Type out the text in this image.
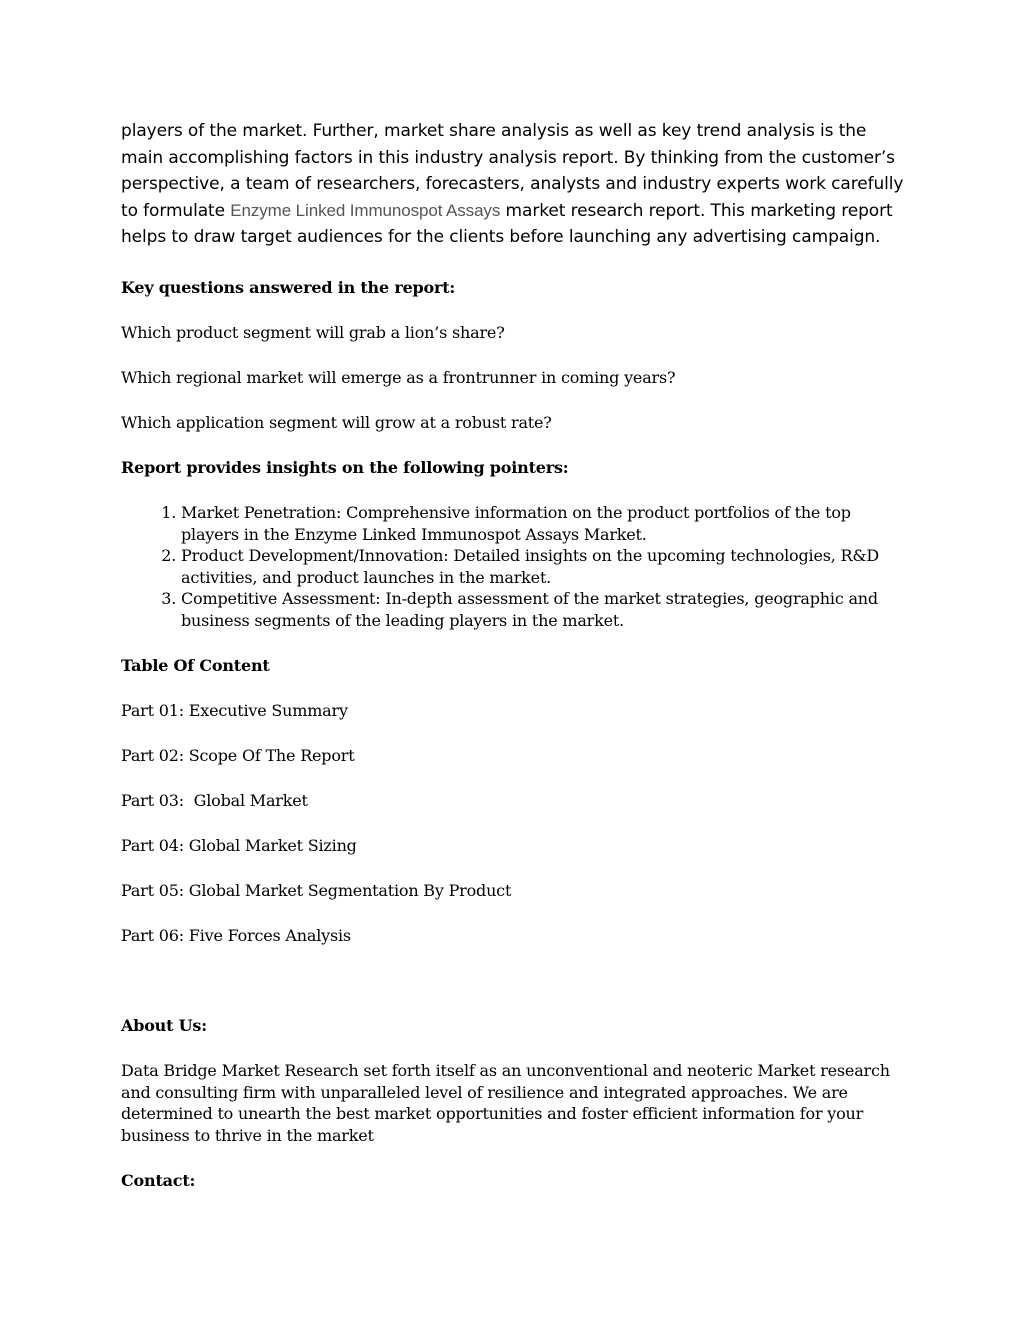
players of the market. Further, market share analysis as well as key trend analysis is the main accomplishing factors in this industry analysis report. By thinking from the customer’s perspective, a team of researchers, forecasters, analysts and industry experts work carefully to formulate Enzyme Linked Immunospot Assays market research report. This marketing report helps to draw target audiences for the clients before launching any advertising campaign.

Key questions answered in the report:

Which product segment will grab a lion’s share?

Which regional market will emerge as a frontrunner in coming years?

Which application segment will grow at a robust rate?

Report provides insights on the following pointers:

1. Market Penetration: Comprehensive information on the product portfolios of the top players in the Enzyme Linked Immunospot Assays Market.
2. Product Development/Innovation: Detailed insights on the upcoming technologies, R&D activities, and product launches in the market.
3. Competitive Assessment: In-depth assessment of the market strategies, geographic and business segments of the leading players in the market.

Table Of Content

Part 01: Executive Summary

Part 02: Scope Of The Report

Part 03:  Global Market

Part 04: Global Market Sizing

Part 05: Global Market Segmentation By Product

Part 06: Five Forces Analysis

About Us:

Data Bridge Market Research set forth itself as an unconventional and neoteric Market research and consulting firm with unparalleled level of resilience and integrated approaches. We are determined to unearth the best market opportunities and foster efficient information for your business to thrive in the market

Contact:
